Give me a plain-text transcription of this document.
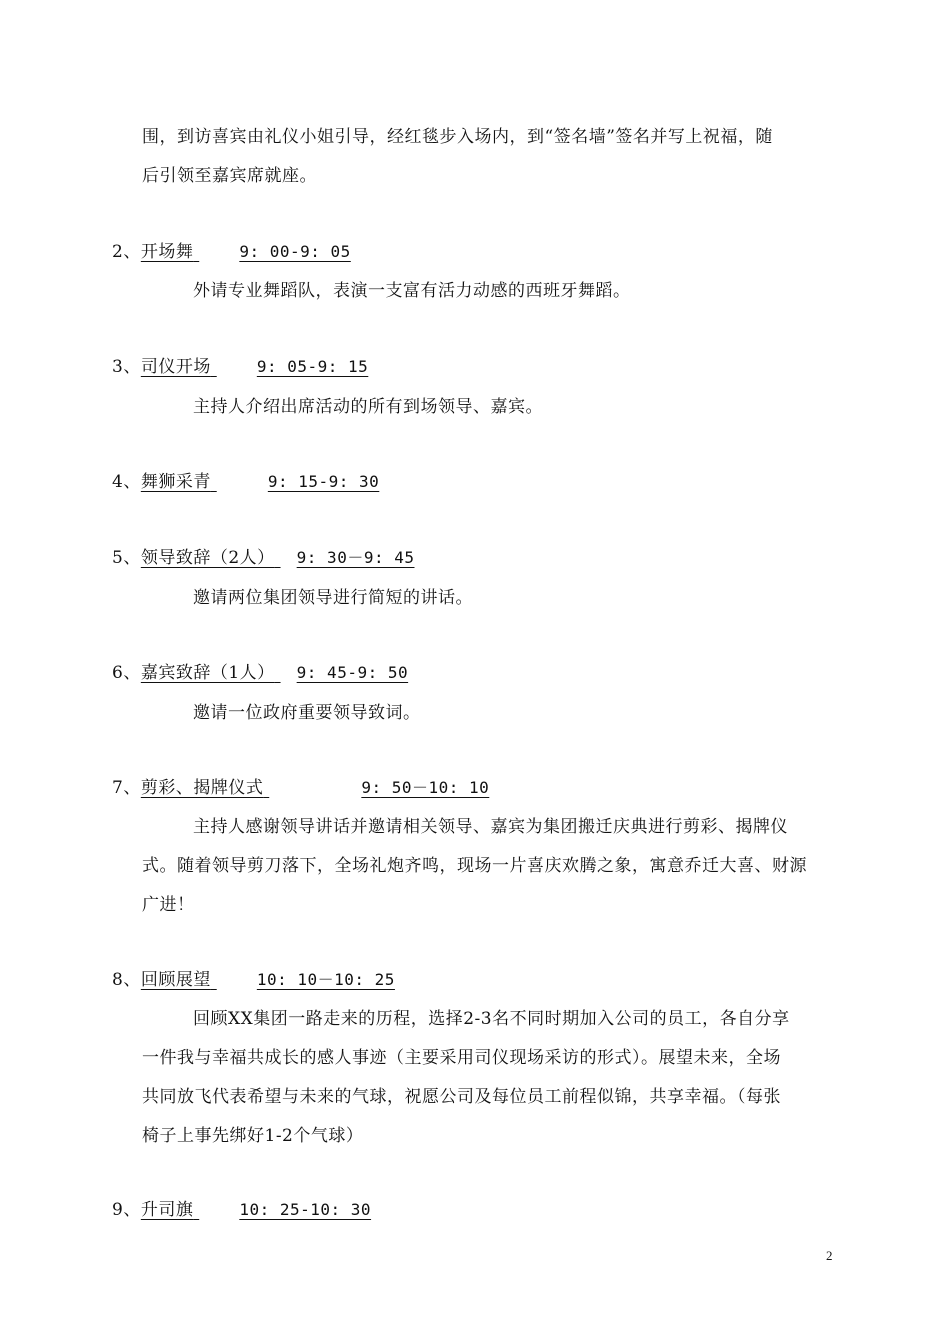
围，到访喜宾由礼仪小姐引导，经红毯步入场内，到“签名墙”签名并写上祝福，随
后引领至嘉宾席就座。
2、开场舞	9: 00-9: 05
外请专业舞蹈队，表演一支富有活力动感的西班牙舞蹈。
3、司仪开场	9: 05-9: 15
主持人介绍出席活动的所有到场领导、嘉宾。
4、舞狮采青	9: 15-9: 30
5、领导致辞（2人） 9: 30－9: 45
邀请两位集团领导进行简短的讲话。
6、嘉宾致辞（1人） 9: 45-9: 50
邀请一位政府重要领导致词。
7、剪彩、揭牌仪式	9: 50－10: 10
主持人感谢领导讲话并邀请相关领导、嘉宾为集团搬迁庆典进行剪彩、揭牌仪
式。随着领导剪刀落下，全场礼炮齐鸣，现场一片喜庆欢腾之象，寓意乔迁大喜、财源
广进！
8、回顾展望	10: 10－10: 25
回顾XX集团一路走来的历程，选择2-3名不同时期加入公司的员工，各自分享
一件我与幸福共成长的感人事迹（主要采用司仪现场采访的形式）。展望未来，全场
共同放飞代表希望与未来的气球，祝愿公司及每位员工前程似锦，共享幸福。（每张
椅子上事先绑好1-2个气球）
9、升司旗	10: 25-10: 30
2
